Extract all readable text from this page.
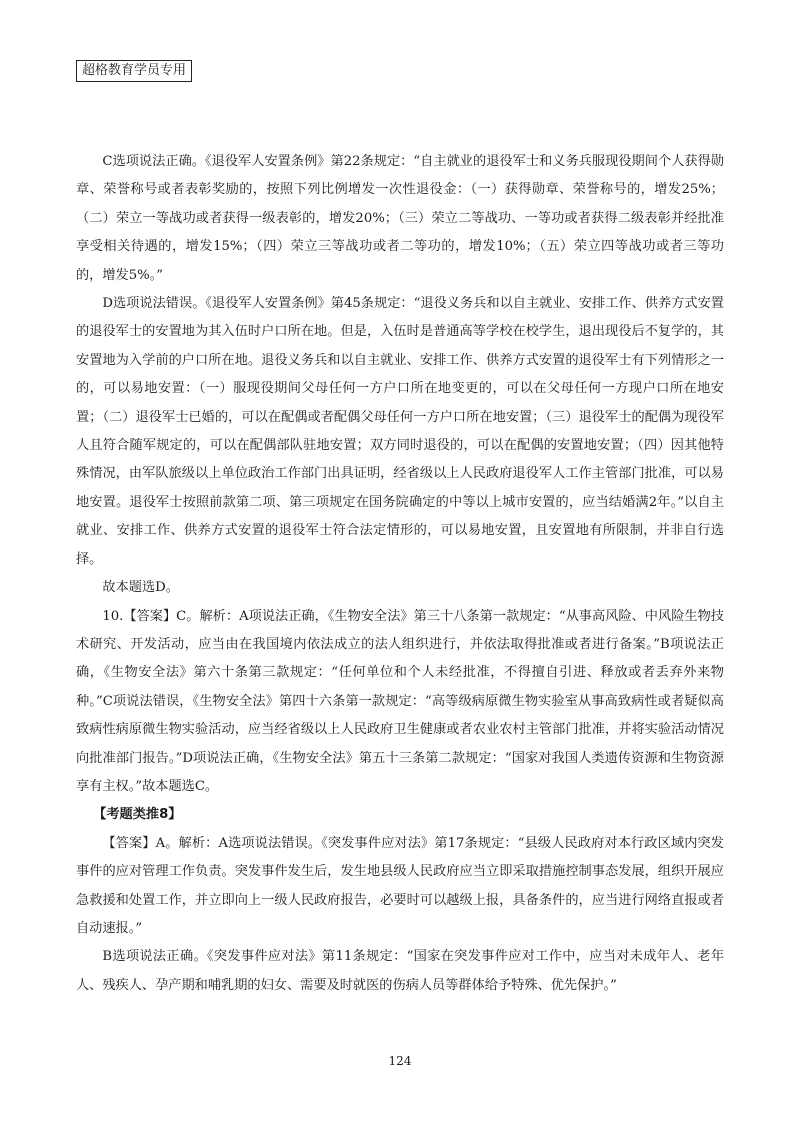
超格教育学员专用

C选项说法正确。《退役军人安置条例》第22条规定：“自主就业的退役军士和义务兵服现役期间个人获得勋章、荣誉称号或者表彰奖励的，按照下列比例增发一次性退役金：（一）获得勋章、荣誉称号的，增发25%；（二）荣立一等战功或者获得一级表彰的，增发20%；（三）荣立二等战功、一等功或者获得二级表彰并经批准享受相关待遇的，增发15%；（四）荣立三等战功或者二等功的，增发10%；（五）荣立四等战功或者三等功的，增发5%。”

D选项说法错误。《退役军人安置条例》第45条规定：“退役义务兵和以自主就业、安排工作、供养方式安置的退役军士的安置地为其入伍时户口所在地。但是，入伍时是普通高等学校在校学生，退出现役后不复学的，其安置地为入学前的户口所在地。退役义务兵和以自主就业、安排工作、供养方式安置的退役军士有下列情形之一的，可以易地安置：（一）服现役期间父母任何一方户口所在地变更的，可以在父母任何一方现户口所在地安置；（二）退役军士已婚的，可以在配偶或者配偶父母任何一方户口所在地安置；（三）退役军士的配偶为现役军人且符合随军规定的，可以在配偶部队驻地安置；双方同时退役的，可以在配偶的安置地安置；（四）因其他特殊情况，由军队旅级以上单位政治工作部门出具证明，经省级以上人民政府退役军人工作主管部门批准，可以易地安置。退役军士按照前款第二项、第三项规定在国务院确定的中等以上城市安置的，应当结婚满2年。”以自主就业、安排工作、供养方式安置的退役军士符合法定情形的，可以易地安置，且安置地有所限制，并非自行选择。

故本题选D。

10.【答案】C。解析：A项说法正确，《生物安全法》第三十八条第一款规定：“从事高风险、中风险生物技术研究、开发活动，应当由在我国境内依法成立的法人组织进行，并依法取得批准或者进行备案。”B项说法正确，《生物安全法》第六十条第三款规定：“任何单位和个人未经批准，不得擅自引进、释放或者丢弃外来物种。”C项说法错误，《生物安全法》第四十六条第一款规定：“高等级病原微生物实验室从事高致病性或者疑似高致病性病原微生物实验活动，应当经省级以上人民政府卫生健康或者农业农村主管部门批准，并将实验活动情况向批准部门报告。”D项说法正确，《生物安全法》第五十三条第二款规定：“国家对我国人类遗传资源和生物资源享有主权。”故本题选C。

【考题类推8】

【答案】A。解析：A选项说法错误。《突发事件应对法》第17条规定：“县级人民政府对本行政区域内突发事件的应对管理工作负责。突发事件发生后，发生地县级人民政府应当立即采取措施控制事态发展，组织开展应急救援和处置工作，并立即向上一级人民政府报告，必要时可以越级上报，具备条件的，应当进行网络直报或者自动速报。”

B选项说法正确。《突发事件应对法》第11条规定：“国家在突发事件应对工作中，应当对未成年人、老年人、残疾人、孕产期和哺乳期的妇女、需要及时就医的伤病人员等群体给予特殊、优先保护。”

124
